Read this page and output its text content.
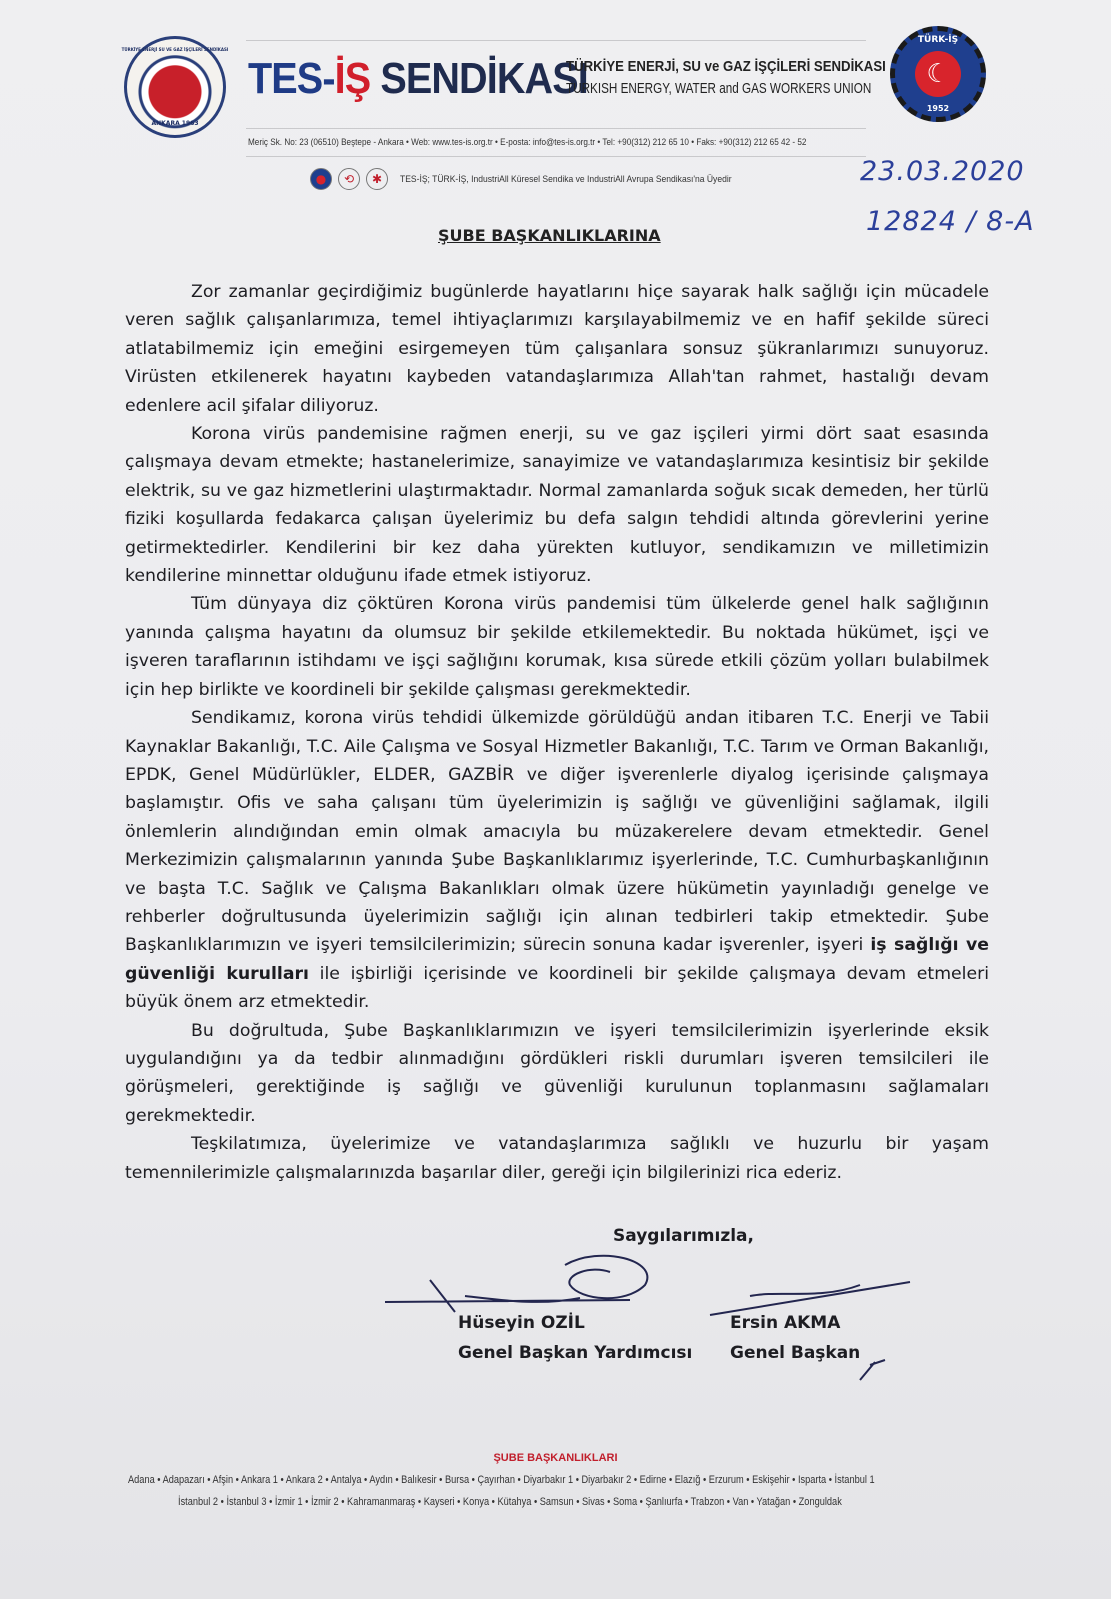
TÜRKİYE ENERJİ SU VE GAZ İŞÇİLERİ SENDİKASI
ANKARA 1963
TES-İŞ SENDİKASI
TÜRKİYE ENERJİ, SU ve GAZ İŞÇİLERİ SENDİKASI
TURKISH ENERGY, WATER and GAS WORKERS UNION
Meriç Sk. No: 23 (06510) Beştepe - Ankara • Web: www.tes-is.org.tr • E-posta: info@tes-is.org.tr • Tel: +90(312) 212 65 10 • Faks: +90(312) 212 65 42 - 52
TÜRK-İŞ
☾
1952
●	⟲	✱	TES-İŞ; TÜRK-İŞ, IndustriAll Küresel Sendika ve IndustriAll Avrupa Sendikası'na Üyedir	23.03.2020
12824 / 8-A
ŞUBE BAŞKANLIKLARINA

Zor zamanlar geçirdiğimiz bugünlerde hayatlarını hiçe sayarak halk sağlığı için mücadele veren sağlık çalışanlarımıza, temel ihtiyaçlarımızı karşılayabilmemiz ve en hafif şekilde süreci atlatabilmemiz için emeğini esirgemeyen tüm çalışanlara sonsuz şükranlarımızı sunuyoruz. Virüsten etkilenerek hayatını kaybeden vatandaşlarımıza Allah'tan rahmet, hastalığı devam edenlere acil şifalar diliyoruz.

Korona virüs pandemisine rağmen enerji, su ve gaz işçileri yirmi dört saat esasında çalışmaya devam etmekte; hastanelerimize, sanayimize ve vatandaşlarımıza kesintisiz bir şekilde elektrik, su ve gaz hizmetlerini ulaştırmaktadır. Normal zamanlarda soğuk sıcak demeden, her türlü fiziki koşullarda fedakarca çalışan üyelerimiz bu defa salgın tehdidi altında görevlerini yerine getirmektedirler. Kendilerini bir kez daha yürekten kutluyor, sendikamızın ve milletimizin kendilerine minnettar olduğunu ifade etmek istiyoruz.

Tüm dünyaya diz çöktüren Korona virüs pandemisi tüm ülkelerde genel halk sağlığının yanında çalışma hayatını da olumsuz bir şekilde etkilemektedir. Bu noktada hükümet, işçi ve işveren taraflarının istihdamı ve işçi sağlığını korumak, kısa sürede etkili çözüm yolları bulabilmek için hep birlikte ve koordineli bir şekilde çalışması gerekmektedir.

Sendikamız, korona virüs tehdidi ülkemizde görüldüğü andan itibaren T.C. Enerji ve Tabii Kaynaklar Bakanlığı, T.C. Aile Çalışma ve Sosyal Hizmetler Bakanlığı, T.C. Tarım ve Orman Bakanlığı, EPDK, Genel Müdürlükler, ELDER, GAZBİR ve diğer işverenlerle diyalog içerisinde çalışmaya başlamıştır. Ofis ve saha çalışanı tüm üyelerimizin iş sağlığı ve güvenliğini sağlamak, ilgili önlemlerin alındığından emin olmak amacıyla bu müzakerelere devam etmektedir. Genel Merkezimizin çalışmalarının yanında Şube Başkanlıklarımız işyerlerinde, T.C. Cumhurbaşkanlığının ve başta T.C. Sağlık ve Çalışma Bakanlıkları olmak üzere hükümetin yayınladığı genelge ve rehberler doğrultusunda üyelerimizin sağlığı için alınan tedbirleri takip etmektedir. Şube Başkanlıklarımızın ve işyeri temsilcilerimizin; sürecin sonuna kadar işverenler, işyeri iş sağlığı ve güvenliği kurulları ile işbirliği içerisinde ve koordineli bir şekilde çalışmaya devam etmeleri büyük önem arz etmektedir.

Bu doğrultuda, Şube Başkanlıklarımızın ve işyeri temsilcilerimizin işyerlerinde eksik uygulandığını ya da tedbir alınmadığını gördükleri riskli durumları işveren temsilcileri ile görüşmeleri, gerektiğinde iş sağlığı ve güvenliği kurulunun toplanmasını sağlamaları gerekmektedir.

Teşkilatımıza, üyelerimize ve vatandaşlarımıza sağlıklı ve huzurlu bir yaşam temennilerimizle çalışmalarınızda başarılar diler, gereği için bilgilerinizi rica ederiz.

Saygılarımızla,
Hüseyin OZİL
Genel Başkan Yardımcısı
Ersin AKMA
Genel Başkan
ŞUBE BAŞKANLIKLARI
Adana • Adapazarı • Afşin • Ankara 1 • Ankara 2 • Antalya • Aydın • Balıkesir • Bursa • Çayırhan • Diyarbakır 1 • Diyarbakır 2 • Edirne • Elazığ • Erzurum • Eskişehir • Isparta • İstanbul 1
İstanbul 2 • İstanbul 3 • İzmir 1 • İzmir 2 • Kahramanmaraş • Kayseri • Konya • Kütahya • Samsun • Sivas • Soma • Şanlıurfa • Trabzon • Van • Yatağan • Zonguldak
